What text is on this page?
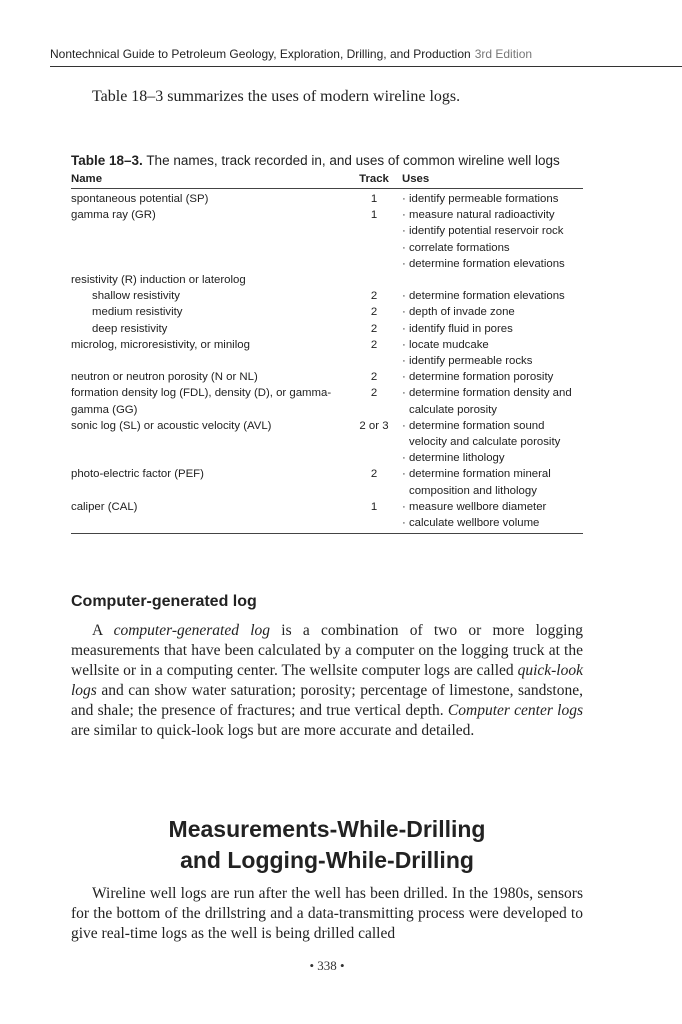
Nontechnical Guide to Petroleum Geology, Exploration, Drilling, and Production 3rd Edition
Table 18–3 summarizes the uses of modern wireline logs.
Table 18–3. The names, track recorded in, and uses of common wireline well logs
Name	Track	Uses
spontaneous potential (SP)	1	· identify permeable formations

gamma ray (GR)	1	· measure natural radioactivity
· identify potential reservoir rock
· correlate formations
· determine formation elevations

resistivity (R) induction or laterolog		
shallow resistivity	2	· determine formation elevations

medium resistivity	2	· depth of invade zone

deep resistivity	2	· identify fluid in pores

microlog, microresistivity, or minilog	2	· locate mudcake
· identify permeable rocks

neutron or neutron porosity (N or NL)	2	· determine formation porosity

formation density log (FDL), density (D), or gamma-gamma (GG)	2	· determine formation density and calculate porosity

sonic log (SL) or acoustic velocity (AVL)	2 or 3	· determine formation sound velocity and calculate porosity
· determine lithology

photo-electric factor (PEF)	2	· determine formation mineral composition and lithology

caliper (CAL)	1	· measure wellbore diameter
· calculate wellbore volume
Computer-generated log

A computer-generated log is a combination of two or more logging measurements that have been calculated by a computer on the logging truck at the wellsite or in a computing center. The wellsite computer logs are called quick-look logs and can show water saturation; porosity; percentage of limestone, sandstone, and shale; the presence of fractures; and true vertical depth. Computer center logs are similar to quick-look logs but are more accurate and detailed.

Measurements-While-Drilling
and Logging-While-Drilling

Wireline well logs are run after the well has been drilled. In the 1980s, sensors for the bottom of the drillstring and a data-transmitting process were developed to give real-time logs as the well is being drilled called

• 338 •
